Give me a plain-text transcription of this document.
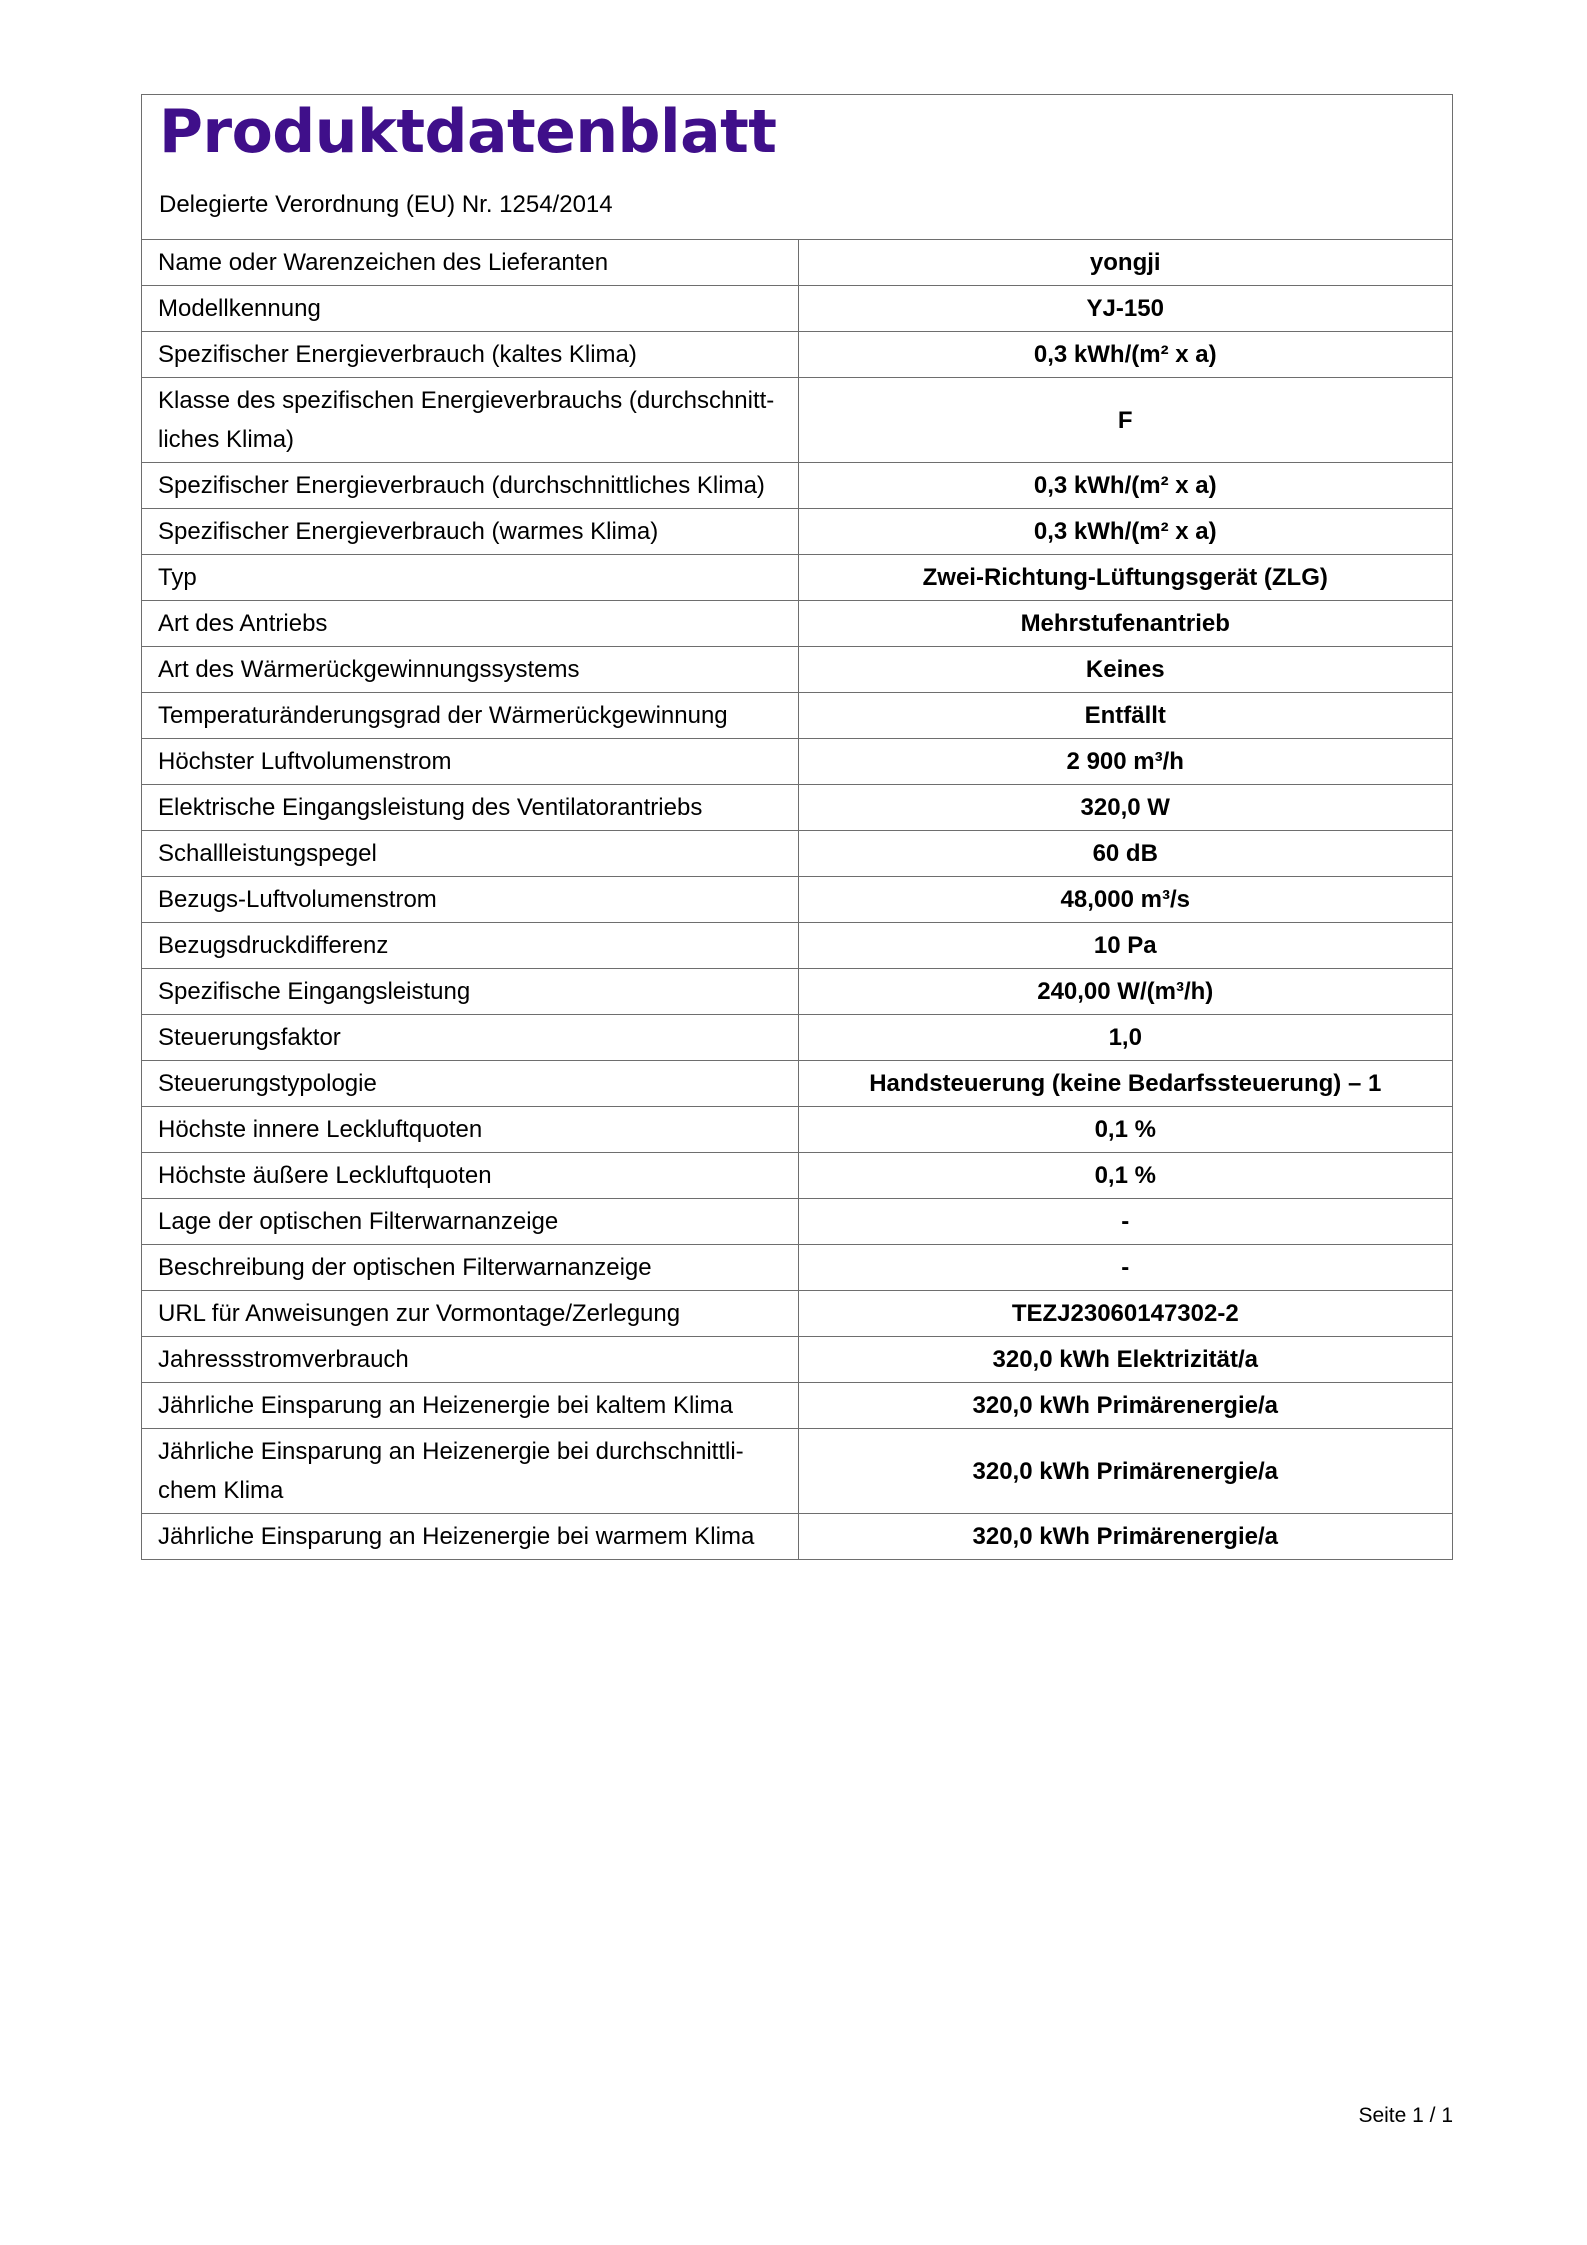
Produktdatenblatt

Delegierte Verordnung (EU) Nr. 1254/2014

Name oder Warenzeichen des Lieferanten	yongji
Modellkennung	YJ-150
Spezifischer Energieverbrauch (kaltes Klima)	0,3 kWh/(m² x a)
Klasse des spezifischen Energieverbrauchs (durchschnitt-liches Klima)	F
Spezifischer Energieverbrauch (durchschnittliches Klima)	0,3 kWh/(m² x a)
Spezifischer Energieverbrauch (warmes Klima)	0,3 kWh/(m² x a)
Typ	Zwei-Richtung-Lüftungsgerät (ZLG)
Art des Antriebs	Mehrstufenantrieb
Art des Wärmerückgewinnungssystems	Keines
Temperaturänderungsgrad der Wärmerückgewinnung	Entfällt
Höchster Luftvolumenstrom	2 900 m³/h
Elektrische Eingangsleistung des Ventilatorantriebs	320,0 W
Schallleistungspegel	60 dB
Bezugs-Luftvolumenstrom	48,000 m³/s
Bezugsdruckdifferenz	10 Pa
Spezifische Eingangsleistung	240,00 W/(m³/h)
Steuerungsfaktor	1,0
Steuerungstypologie	Handsteuerung (keine Bedarfssteuerung) – 1
Höchste innere Leckluftquoten	0,1 %
Höchste äußere Leckluftquoten	0,1 %
Lage der optischen Filterwarnanzeige	-
Beschreibung der optischen Filterwarnanzeige	-
URL für Anweisungen zur Vormontage/Zerlegung	TEZJ23060147302-2
Jahressstromverbrauch	320,0 kWh Elektrizität/a
Jährliche Einsparung an Heizenergie bei kaltem Klima	320,0 kWh Primärenergie/a
Jährliche Einsparung an Heizenergie bei durchschnittli-chem Klima	320,0 kWh Primärenergie/a
Jährliche Einsparung an Heizenergie bei warmem Klima	320,0 kWh Primärenergie/a
Seite 1 / 1
